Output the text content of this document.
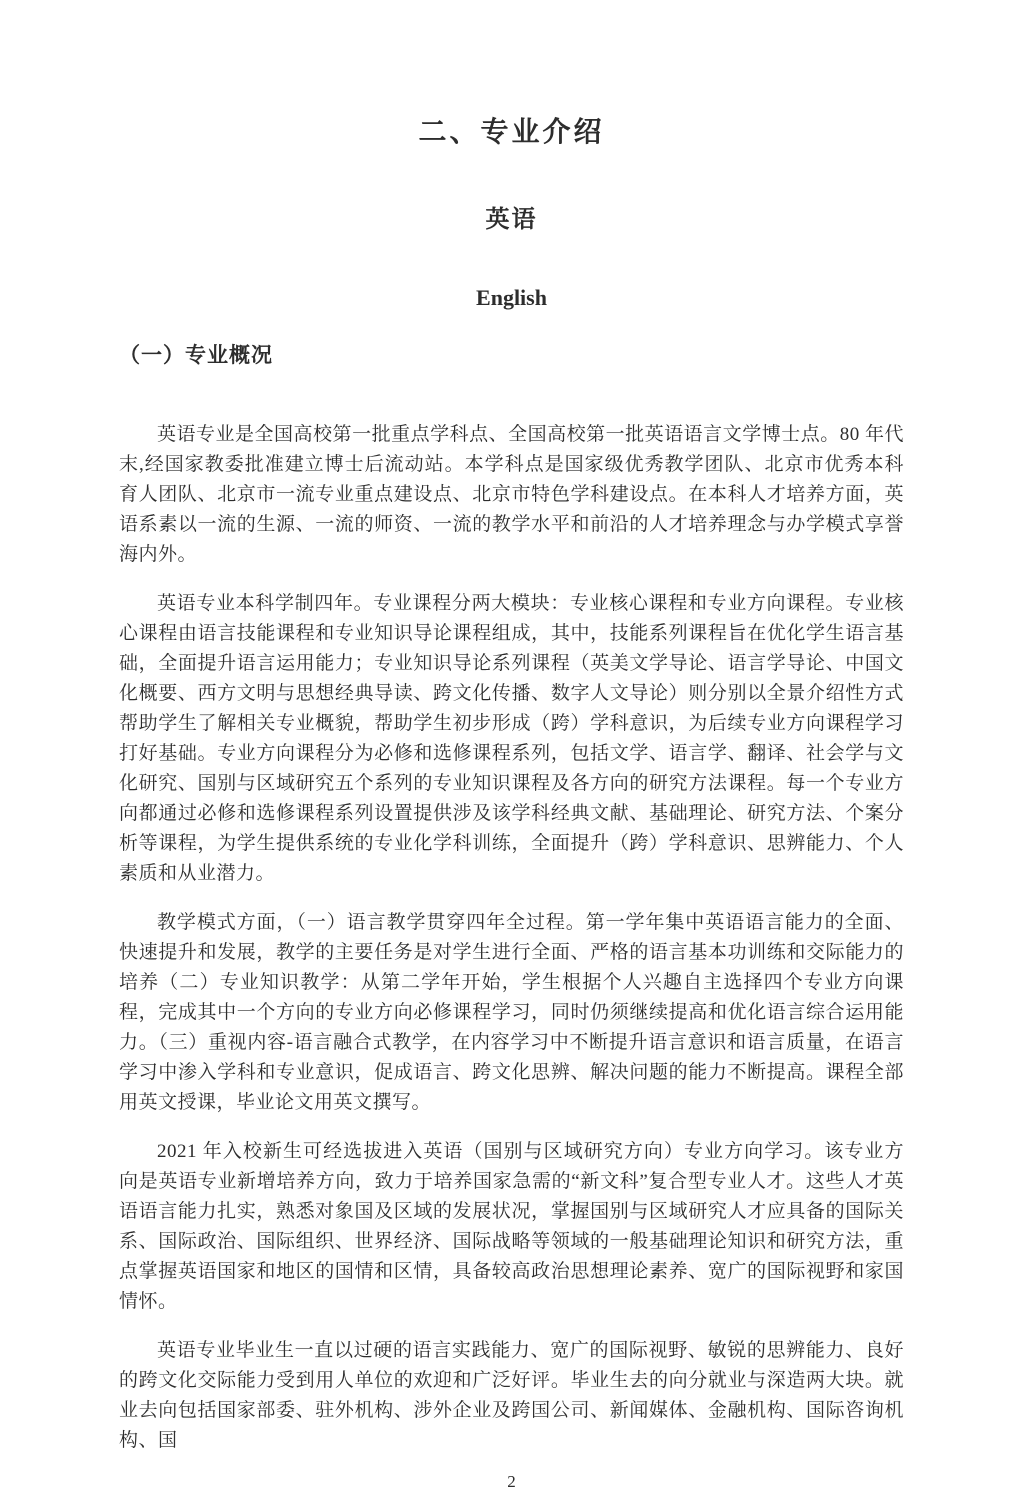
二、专业介绍
英语
English
（一）专业概况

英语专业是全国高校第一批重点学科点、全国高校第一批英语语言文学博士点。80 年代末,经国家教委批准建立博士后流动站。本学科点是国家级优秀教学团队、北京市优秀本科育人团队、北京市一流专业重点建设点、北京市特色学科建设点。在本科人才培养方面，英语系素以一流的生源、一流的师资、一流的教学水平和前沿的人才培养理念与办学模式享誉海内外。

英语专业本科学制四年。专业课程分两大模块：专业核心课程和专业方向课程。专业核心课程由语言技能课程和专业知识导论课程组成，其中，技能系列课程旨在优化学生语言基础，全面提升语言运用能力；专业知识导论系列课程（英美文学导论、语言学导论、中国文化概要、西方文明与思想经典导读、跨文化传播、数字人文导论）则分别以全景介绍性方式帮助学生了解相关专业概貌，帮助学生初步形成（跨）学科意识，为后续专业方向课程学习打好基础。专业方向课程分为必修和选修课程系列，包括文学、语言学、翻译、社会学与文化研究、国别与区域研究五个系列的专业知识课程及各方向的研究方法课程。每一个专业方向都通过必修和选修课程系列设置提供涉及该学科经典文献、基础理论、研究方法、个案分析等课程，为学生提供系统的专业化学科训练，全面提升（跨）学科意识、思辨能力、个人素质和从业潜力。

教学模式方面，（一）语言教学贯穿四年全过程。第一学年集中英语语言能力的全面、快速提升和发展，教学的主要任务是对学生进行全面、严格的语言基本功训练和交际能力的培养（二）专业知识教学：从第二学年开始，学生根据个人兴趣自主选择四个专业方向课程，完成其中一个方向的专业方向必修课程学习，同时仍须继续提高和优化语言综合运用能力。（三）重视内容-语言融合式教学，在内容学习中不断提升语言意识和语言质量，在语言学习中渗入学科和专业意识，促成语言、跨文化思辨、解决问题的能力不断提高。课程全部用英文授课，毕业论文用英文撰写。

2021 年入校新生可经选拔进入英语（国别与区域研究方向）专业方向学习。该专业方向是英语专业新增培养方向，致力于培养国家急需的“新文科”复合型专业人才。这些人才英语语言能力扎实，熟悉对象国及区域的发展状况，掌握国别与区域研究人才应具备的国际关系、国际政治、国际组织、世界经济、国际战略等领域的一般基础理论知识和研究方法，重点掌握英语国家和地区的国情和区情，具备较高政治思想理论素养、宽广的国际视野和家国情怀。

英语专业毕业生一直以过硬的语言实践能力、宽广的国际视野、敏锐的思辨能力、良好的跨文化交际能力受到用人单位的欢迎和广泛好评。毕业生去的向分就业与深造两大块。就业去向包括国家部委、驻外机构、涉外企业及跨国公司、新闻媒体、金融机构、国际咨询机构、国

2
